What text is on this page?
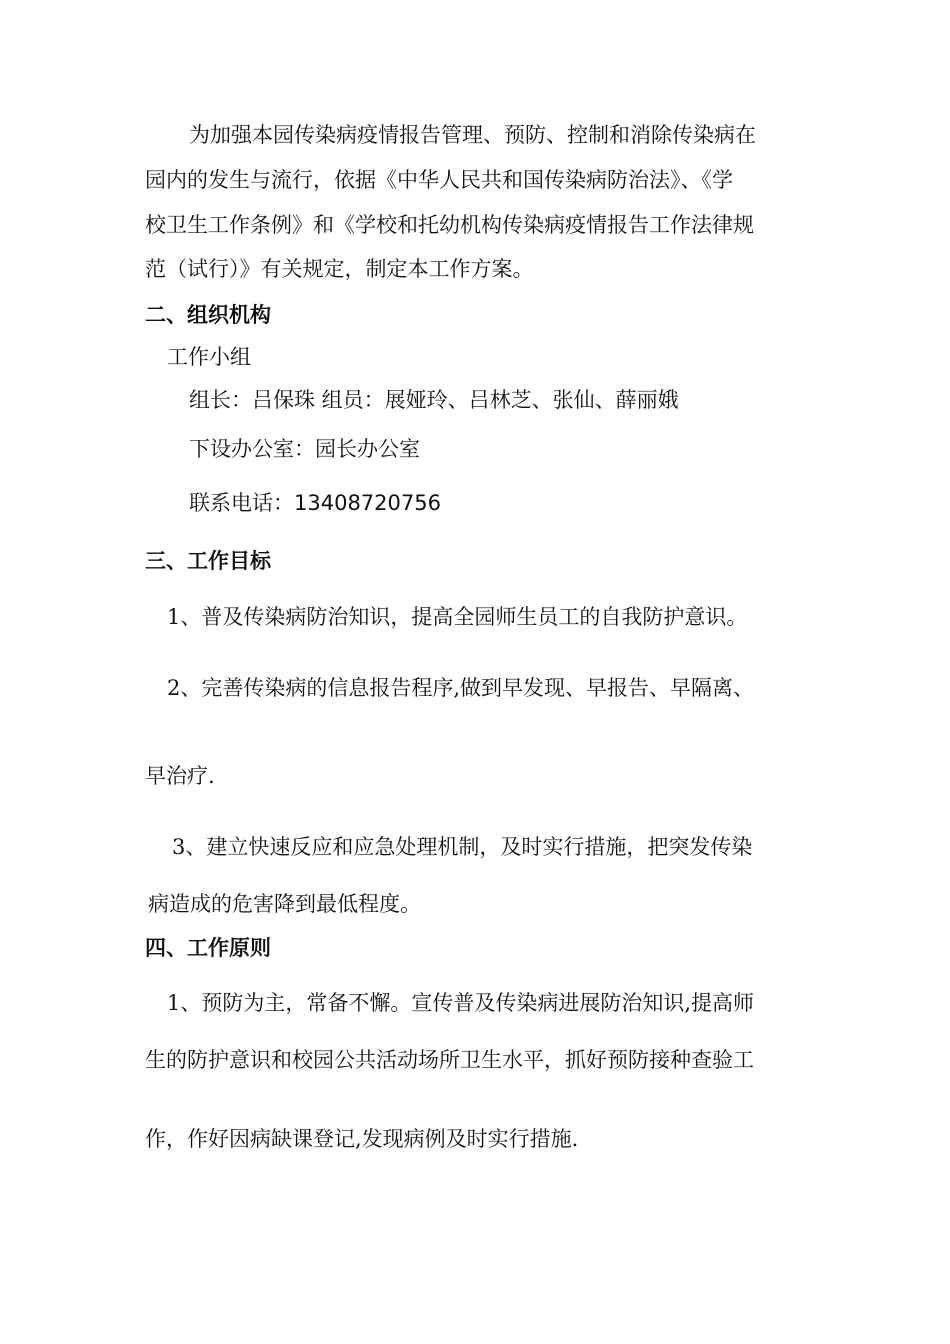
为加强本园传染病疫情报告管理、预防、控制和消除传染病在
园内的发生与流行，依据《中华人民共和国传染病防治法》、《学
校卫生工作条例》和《学校和托幼机构传染病疫情报告工作法律规
范（试行）》有关规定，制定本工作方案。
二、组织机构
工作小组
组长：吕保珠 组员：展娅玲、吕林芝、张仙、薛丽娥
下设办公室：园长办公室
联系电话：13408720756
三、工作目标
1、普及传染病防治知识，提高全园师生员工的自我防护意识。
2、完善传染病的信息报告程序,做到早发现、早报告、早隔离、
早治疗.
3、建立快速反应和应急处理机制，及时实行措施，把突发传染
病造成的危害降到最低程度。
四、工作原则
1、预防为主，常备不懈。宣传普及传染病进展防治知识,提高师
生的防护意识和校园公共活动场所卫生水平，抓好预防接种查验工
作，作好因病缺课登记,发现病例及时实行措施.
